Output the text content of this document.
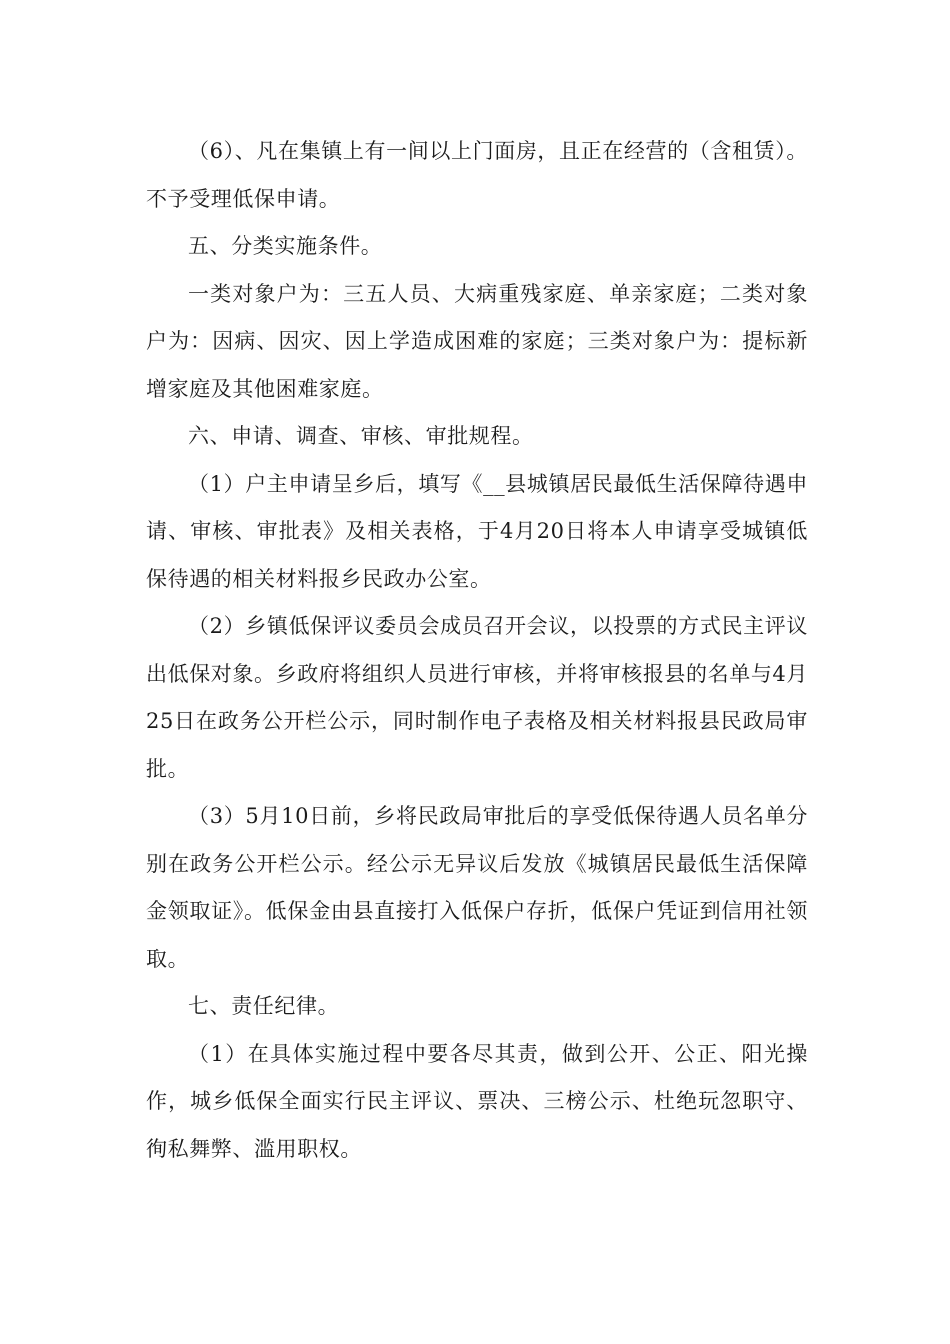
（6）、凡在集镇上有一间以上门面房，且正在经营的（含租赁）。不予受理低保申请。

五、分类实施条件。

一类对象户为：三五人员、大病重残家庭、单亲家庭；二类对象户为：因病、因灾、因上学造成困难的家庭；三类对象户为：提标新增家庭及其他困难家庭。

六、申请、调查、审核、审批规程。

（1）户主申请呈乡后，填写《__县城镇居民最低生活保障待遇申请、审核、审批表》及相关表格，于4月20日将本人申请享受城镇低保待遇的相关材料报乡民政办公室。

（2）乡镇低保评议委员会成员召开会议，以投票的方式民主评议出低保对象。乡政府将组织人员进行审核，并将审核报县的名单与4月25日在政务公开栏公示，同时制作电子表格及相关材料报县民政局审批。

（3）5月10日前，乡将民政局审批后的享受低保待遇人员名单分别在政务公开栏公示。经公示无异议后发放《城镇居民最低生活保障金领取证》。低保金由县直接打入低保户存折，低保户凭证到信用社领取。

七、责任纪律。

（1）在具体实施过程中要各尽其责，做到公开、公正、阳光操作，城乡低保全面实行民主评议、票决、三榜公示、杜绝玩忽职守、徇私舞弊、滥用职权。
